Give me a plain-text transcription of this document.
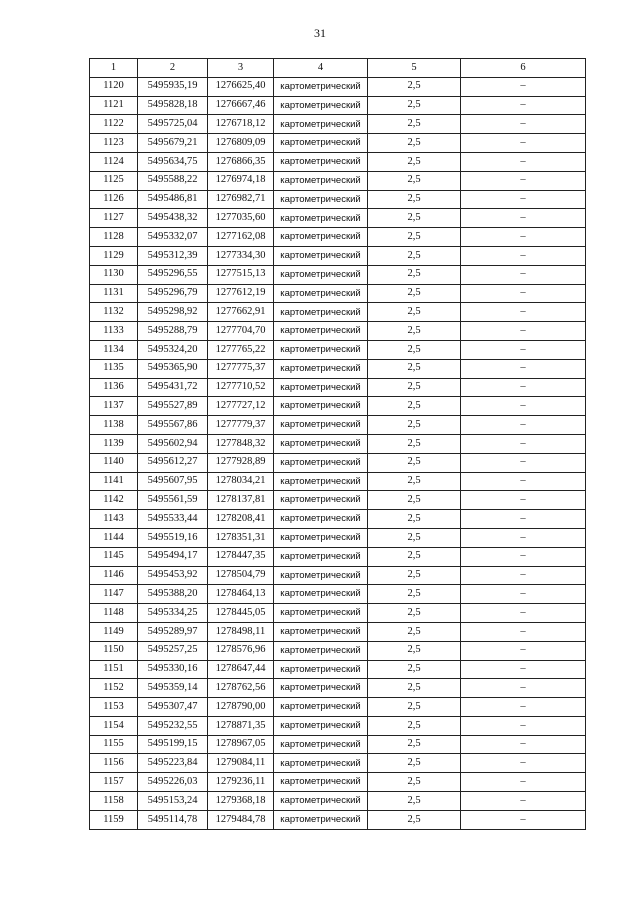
31
1	2	3	4	5	6
1120	5495935,19	1276625,40	картометрический	2,5	–
1121	5495828,18	1276667,46	картометрический	2,5	–
1122	5495725,04	1276718,12	картометрический	2,5	–
1123	5495679,21	1276809,09	картометрический	2,5	–
1124	5495634,75	1276866,35	картометрический	2,5	–
1125	5495588,22	1276974,18	картометрический	2,5	–
1126	5495486,81	1276982,71	картометрический	2,5	–
1127	5495438,32	1277035,60	картометрический	2,5	–
1128	5495332,07	1277162,08	картометрический	2,5	–
1129	5495312,39	1277334,30	картометрический	2,5	–
1130	5495296,55	1277515,13	картометрический	2,5	–
1131	5495296,79	1277612,19	картометрический	2,5	–
1132	5495298,92	1277662,91	картометрический	2,5	–
1133	5495288,79	1277704,70	картометрический	2,5	–
1134	5495324,20	1277765,22	картометрический	2,5	–
1135	5495365,90	1277775,37	картометрический	2,5	–
1136	5495431,72	1277710,52	картометрический	2,5	–
1137	5495527,89	1277727,12	картометрический	2,5	–
1138	5495567,86	1277779,37	картометрический	2,5	–
1139	5495602,94	1277848,32	картометрический	2,5	–
1140	5495612,27	1277928,89	картометрический	2,5	–
1141	5495607,95	1278034,21	картометрический	2,5	–
1142	5495561,59	1278137,81	картометрический	2,5	–
1143	5495533,44	1278208,41	картометрический	2,5	–
1144	5495519,16	1278351,31	картометрический	2,5	–
1145	5495494,17	1278447,35	картометрический	2,5	–
1146	5495453,92	1278504,79	картометрический	2,5	–
1147	5495388,20	1278464,13	картометрический	2,5	–
1148	5495334,25	1278445,05	картометрический	2,5	–
1149	5495289,97	1278498,11	картометрический	2,5	–
1150	5495257,25	1278576,96	картометрический	2,5	–
1151	5495330,16	1278647,44	картометрический	2,5	–
1152	5495359,14	1278762,56	картометрический	2,5	–
1153	5495307,47	1278790,00	картометрический	2,5	–
1154	5495232,55	1278871,35	картометрический	2,5	–
1155	5495199,15	1278967,05	картометрический	2,5	–
1156	5495223,84	1279084,11	картометрический	2,5	–
1157	5495226,03	1279236,11	картометрический	2,5	–
1158	5495153,24	1279368,18	картометрический	2,5	–
1159	5495114,78	1279484,78	картометрический	2,5	–
